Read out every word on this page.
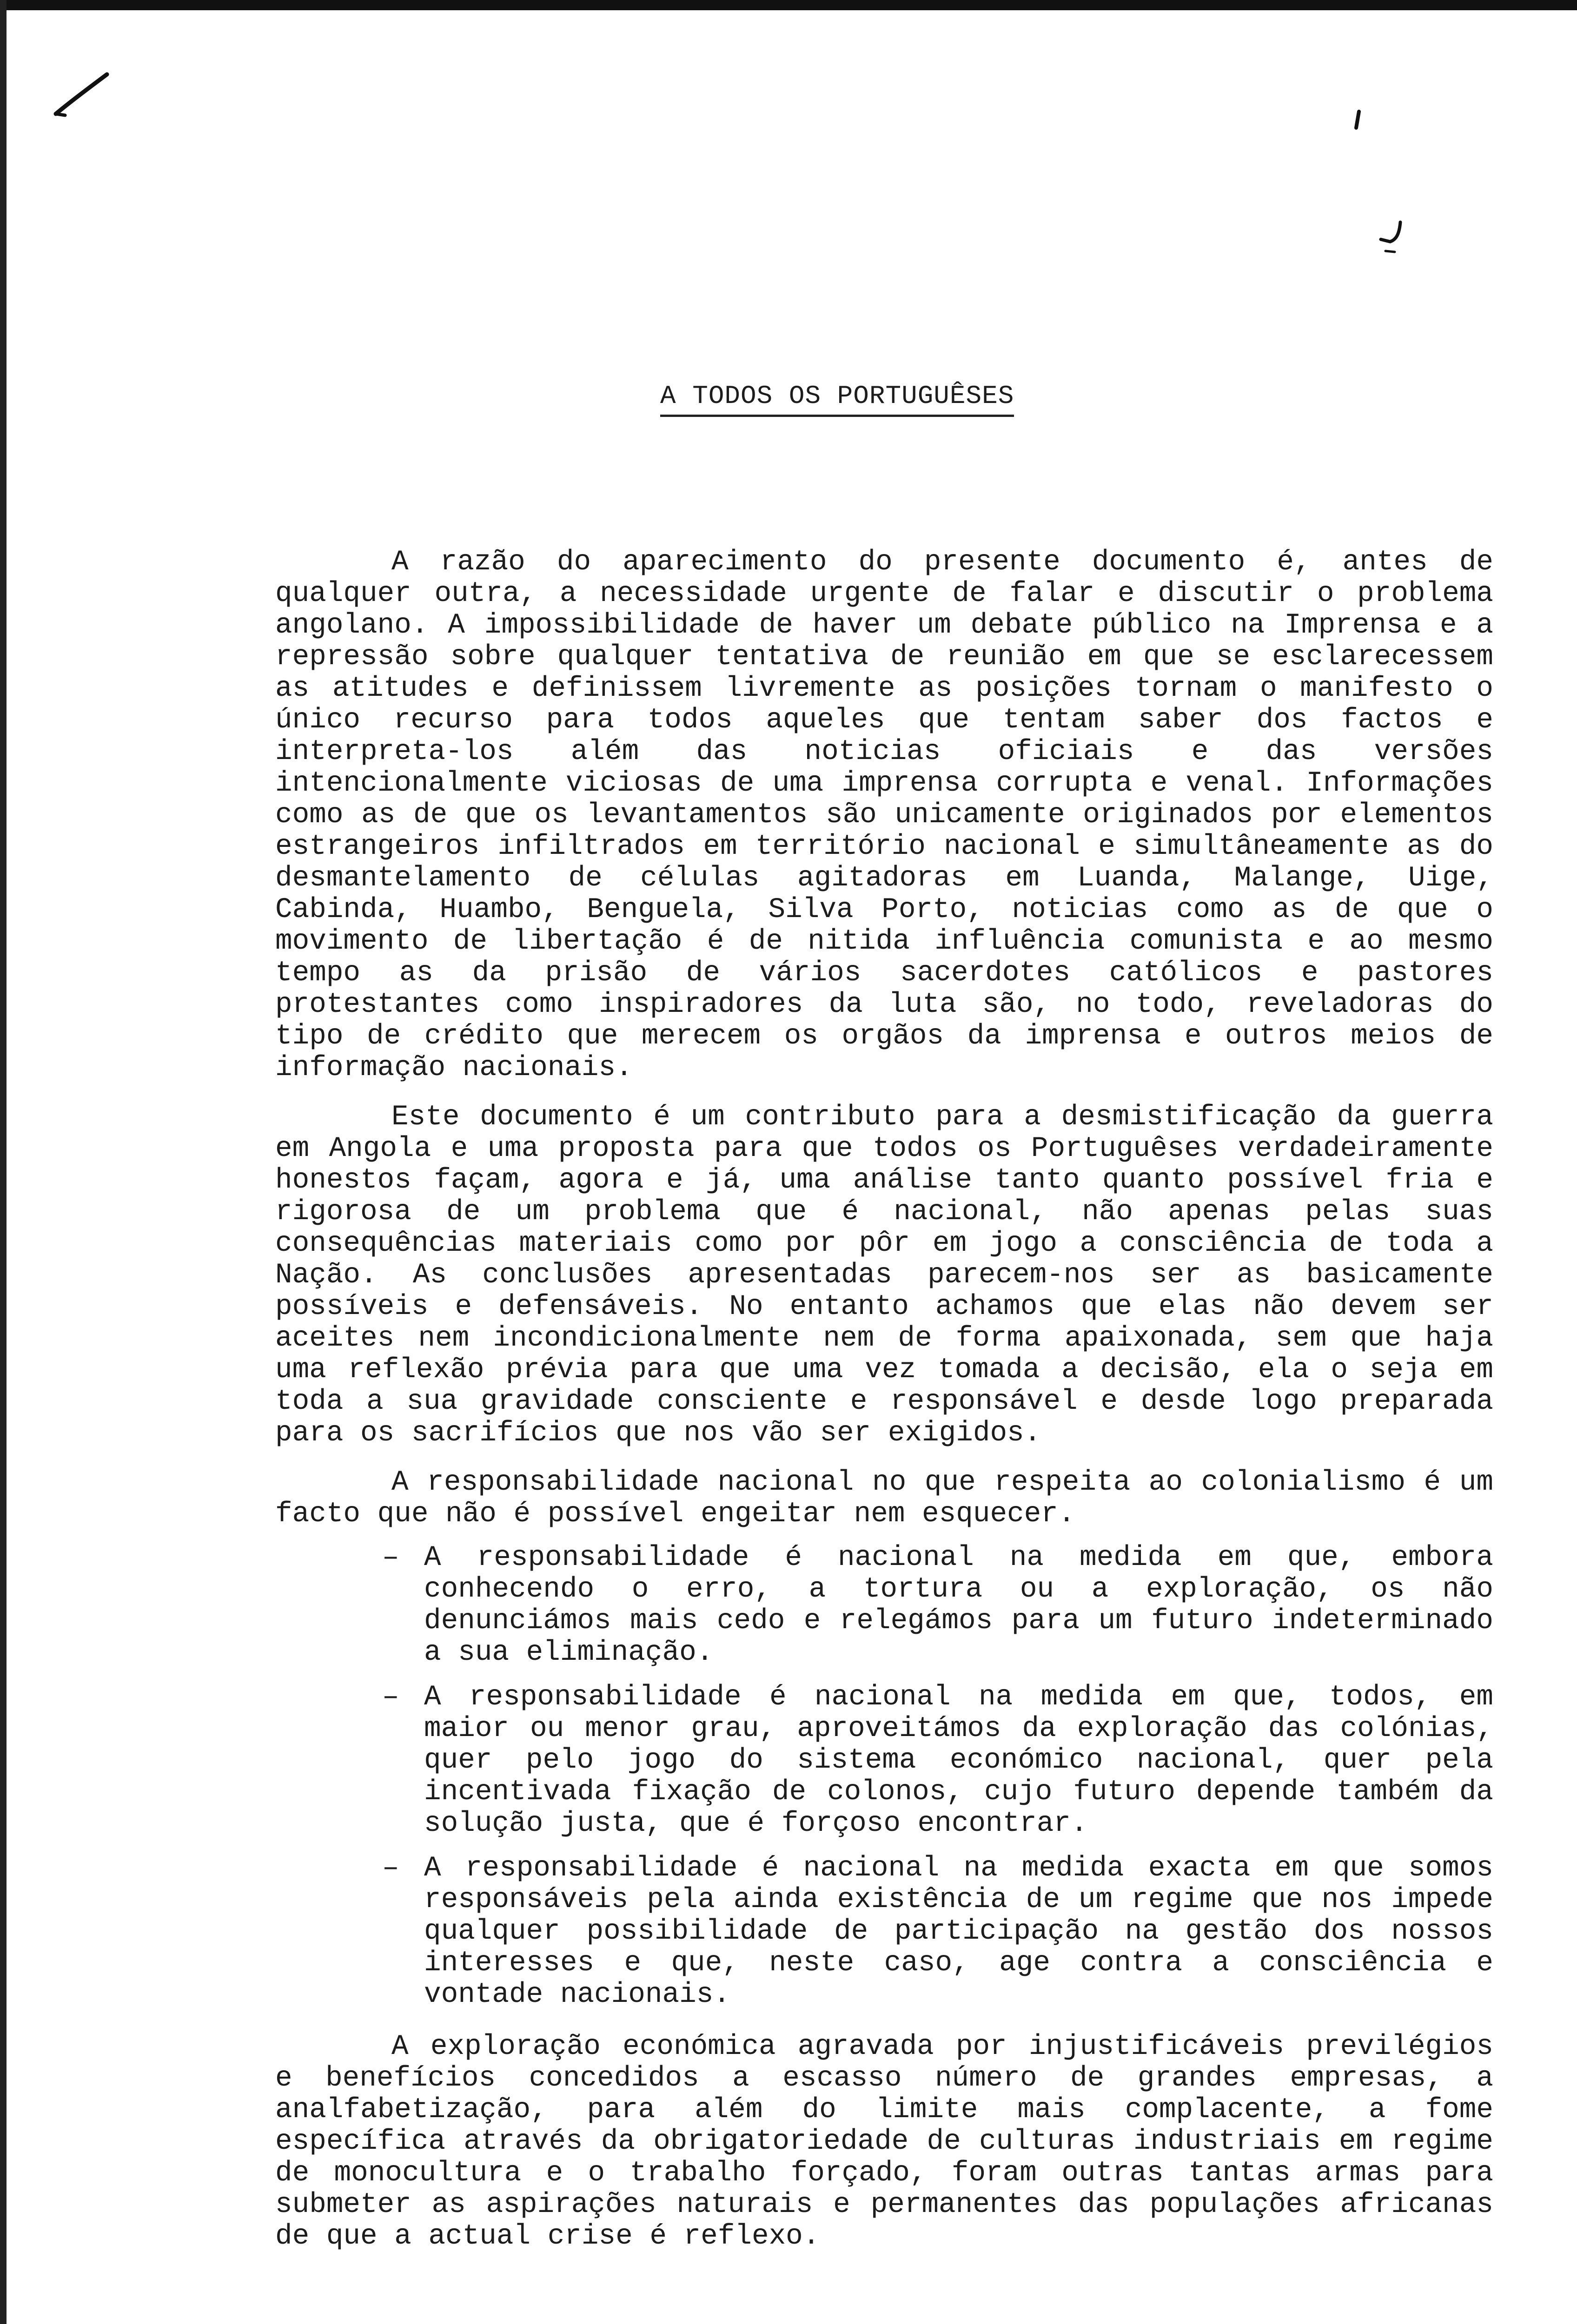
A TODOS OS PORTUGUÊSES

A razão do aparecimento do presente documento é, antes de qualquer outra, a necessidade urgente de falar e discutir o problema angolano. A impossibilidade de haver um debate público na Imprensa e a repressão sobre qualquer tentativa de reunião em que se esclarecessem as atitudes e definissem livremente as posições tornam o manifesto o único recurso para todos aqueles que tentam saber dos factos e interpreta-los além das noticias oficiais e das versões intencionalmente viciosas de uma imprensa corrupta e venal. Informações como as de que os levantamentos são unicamente originados por elementos estrangeiros infiltrados em território nacional e simultâneamente as do desmantelamento de células agitadoras em Luanda, Malange, Uige, Cabinda, Huambo, Benguela, Silva Porto, noticias como as de que o movimento de libertação é de nitida influência comunista e ao mesmo tempo as da prisão de vários sacerdotes católicos e pastores protestantes como inspiradores da luta são, no todo, reveladoras do tipo de crédito que merecem os orgãos da imprensa e outros meios de informação nacionais.

Este documento é um contributo para a desmistificação da guerra em Angola e uma proposta para que todos os Portuguêses verdadeiramente honestos façam, agora e já, uma análise tanto quanto possível fria e rigorosa de um problema que é nacional, não apenas pelas suas consequências materiais como por pôr em jogo a consciência de toda a Nação. As conclusões apresentadas parecem-nos ser as basicamente possíveis e defensáveis. No entanto achamos que elas não devem ser aceites nem incondicionalmente nem de forma apaixonada, sem que haja uma reflexão prévia para que uma vez tomada a decisão, ela o seja em toda a sua gravidade consciente e responsável e desde logo preparada para os sacrifícios que nos vão ser exigidos.

A responsabilidade nacional no que respeita ao colonialismo é um facto que não é possível engeitar nem esquecer.

– A responsabilidade é nacional na medida em que, embora conhecendo o erro, a tortura ou a exploração, os não denunciámos mais cedo e relegámos para um futuro indeterminado a sua eliminação.
– A responsabilidade é nacional na medida em que, todos, em maior ou menor grau, aproveitámos da exploração das colónias, quer pelo jogo do sistema económico nacional, quer pela incentivada fixação de colonos, cujo futuro depende também da solução justa, que é forçoso encontrar.
– A responsabilidade é nacional na medida exacta em que somos responsáveis pela ainda existência de um regime que nos impede qualquer possibilidade de participação na gestão dos nossos interesses e que, neste caso, age contra a consciência e vontade nacionais.

A exploração económica agravada por injustificáveis previlégios e benefícios concedidos a escasso número de grandes empresas, a analfabetização, para além do limite mais complacente, a fome específica através da obrigatoriedade de culturas industriais em regime de monocultura e o trabalho forçado, foram outras tantas armas para submeter as aspirações naturais e permanentes das populações africanas de que a actual crise é reflexo.
